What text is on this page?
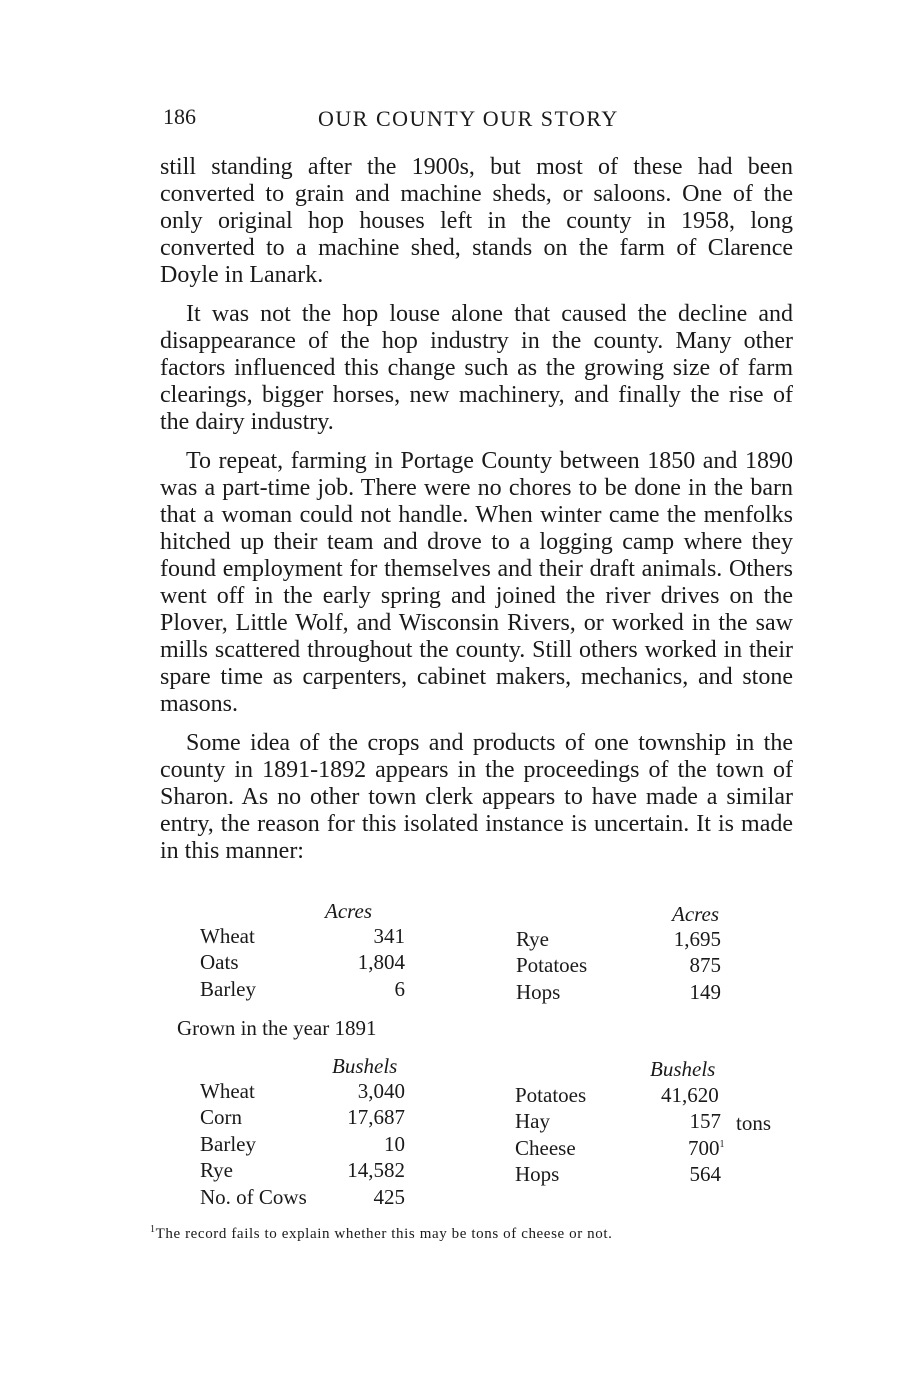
186	OUR COUNTY OUR STORY

still standing after the 1900s, but most of these had been converted to grain and machine sheds, or saloons. One of the only original hop houses left in the county in 1958, long converted to a machine shed, stands on the farm of Clarence Doyle in Lanark.

It was not the hop louse alone that caused the decline and disappearance of the hop industry in the county. Many other factors influenced this change such as the growing size of farm clearings, bigger horses, new machinery, and finally the rise of the dairy industry.

To repeat, farming in Portage County between 1850 and 1890 was a part-time job. There were no chores to be done in the barn that a woman could not handle. When winter came the menfolks hitched up their team and drove to a logging camp where they found employment for themselves and their draft animals. Others went off in the early spring and joined the river drives on the Plover, Little Wolf, and Wisconsin Rivers, or worked in the saw mills scattered throughout the county. Still others worked in their spare time as carpenters, cabinet makers, mechanics, and stone masons.

Some idea of the crops and products of one township in the county in 1891-1892 appears in the proceedings of the town of Sharon. As no other town clerk appears to have made a similar entry, the reason for this isolated instance is uncertain. It is made in this manner:

Acres	Acres
Wheat	341
Oats	1,804
Barley	6
Rye	1,695
Potatoes	875
Hops	149
Grown in the year 1891
Bushels	Bushels
Wheat	3,040
Corn	17,687
Barley	10
Rye	14,582
No. of Cows	425
Potatoes	41,620
Hay	157 tons
Cheese	$700^1$
Hops	564
$^1$The record fails to explain whether this may be tons of cheese or not.
